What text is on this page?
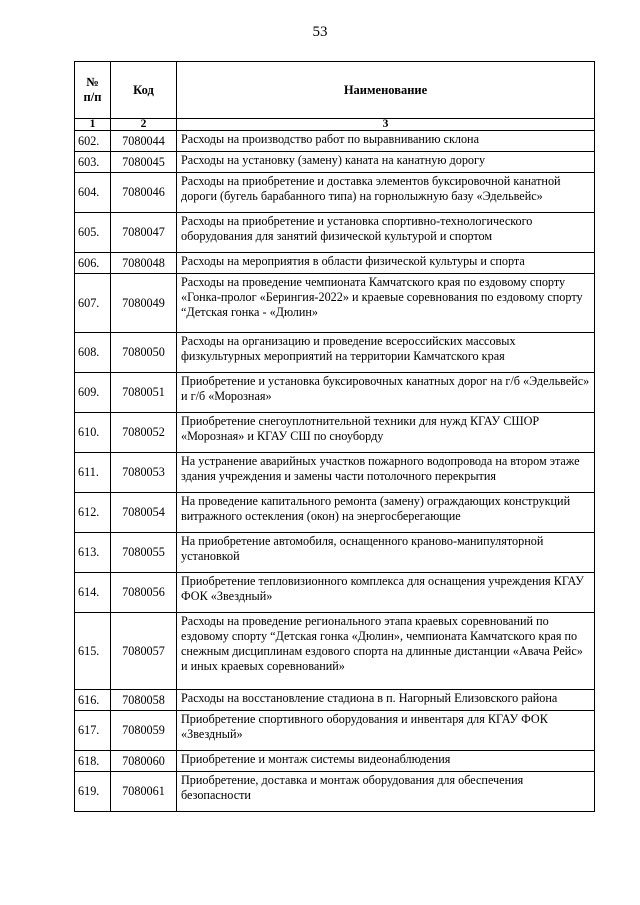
53
№
п/п	Код	Наименование
1	2	3
602.	7080044	Расходы на производство работ по выравниванию склона
603.	7080045	Расходы на установку (замену) каната на канатную дорогу
604.	7080046	Расходы на приобретение и доставка элементов буксировочной канатной дороги (бугель барабанного типа) на горнолыжную базу «Эдельвейс»
605.	7080047	Расходы на приобретение и установка спортивно-технологического оборудования для занятий физической культурой и спортом
606.	7080048	Расходы на мероприятия в области физической культуры и спорта
607.	7080049	Расходы на проведение чемпионата Камчатского края по ездовому спорту «Гонка-пролог «Берингия-2022» и краевые соревнования по ездовому спорту “Детская гонка - «Дюлин»
608.	7080050	Расходы на организацию и проведение всероссийских массовых физкультурных мероприятий на территории Камчатского края
609.	7080051	Приобретение и установка буксировочных канатных дорог на г/б «Эдельвейс» и г/б «Морозная»
610.	7080052	Приобретение снегоуплотнительной техники для нужд КГАУ СШОР «Морозная» и КГАУ СШ по сноуборду
611.	7080053	На устранение аварийных участков пожарного водопровода на втором этаже здания учреждения и замены части потолочного перекрытия
612.	7080054	На проведение капитального ремонта (замену) ограждающих конструкций витражного остекления (окон) на энергосберегающие
613.	7080055	На приобретение автомобиля, оснащенного краново-манипуляторной установкой
614.	7080056	Приобретение тепловизионного комплекса для оснащения учреждения КГАУ ФОК «Звездный»
615.	7080057	Расходы на проведение регионального этапа краевых соревнований по ездовому спорту “Детская гонка «Дюлин», чемпионата Камчатского края по снежным дисциплинам ездового спорта на длинные дистанции «Авача Рейс» и иных краевых соревнований»
616.	7080058	Расходы на восстановление стадиона в п. Нагорный Елизовского района
617.	7080059	Приобретение спортивного оборудования и инвентаря для КГАУ ФОК «Звездный»
618.	7080060	Приобретение и монтаж системы видеонаблюдения
619.	7080061	Приобретение, доставка и монтаж оборудования для обеспечения безопасности
